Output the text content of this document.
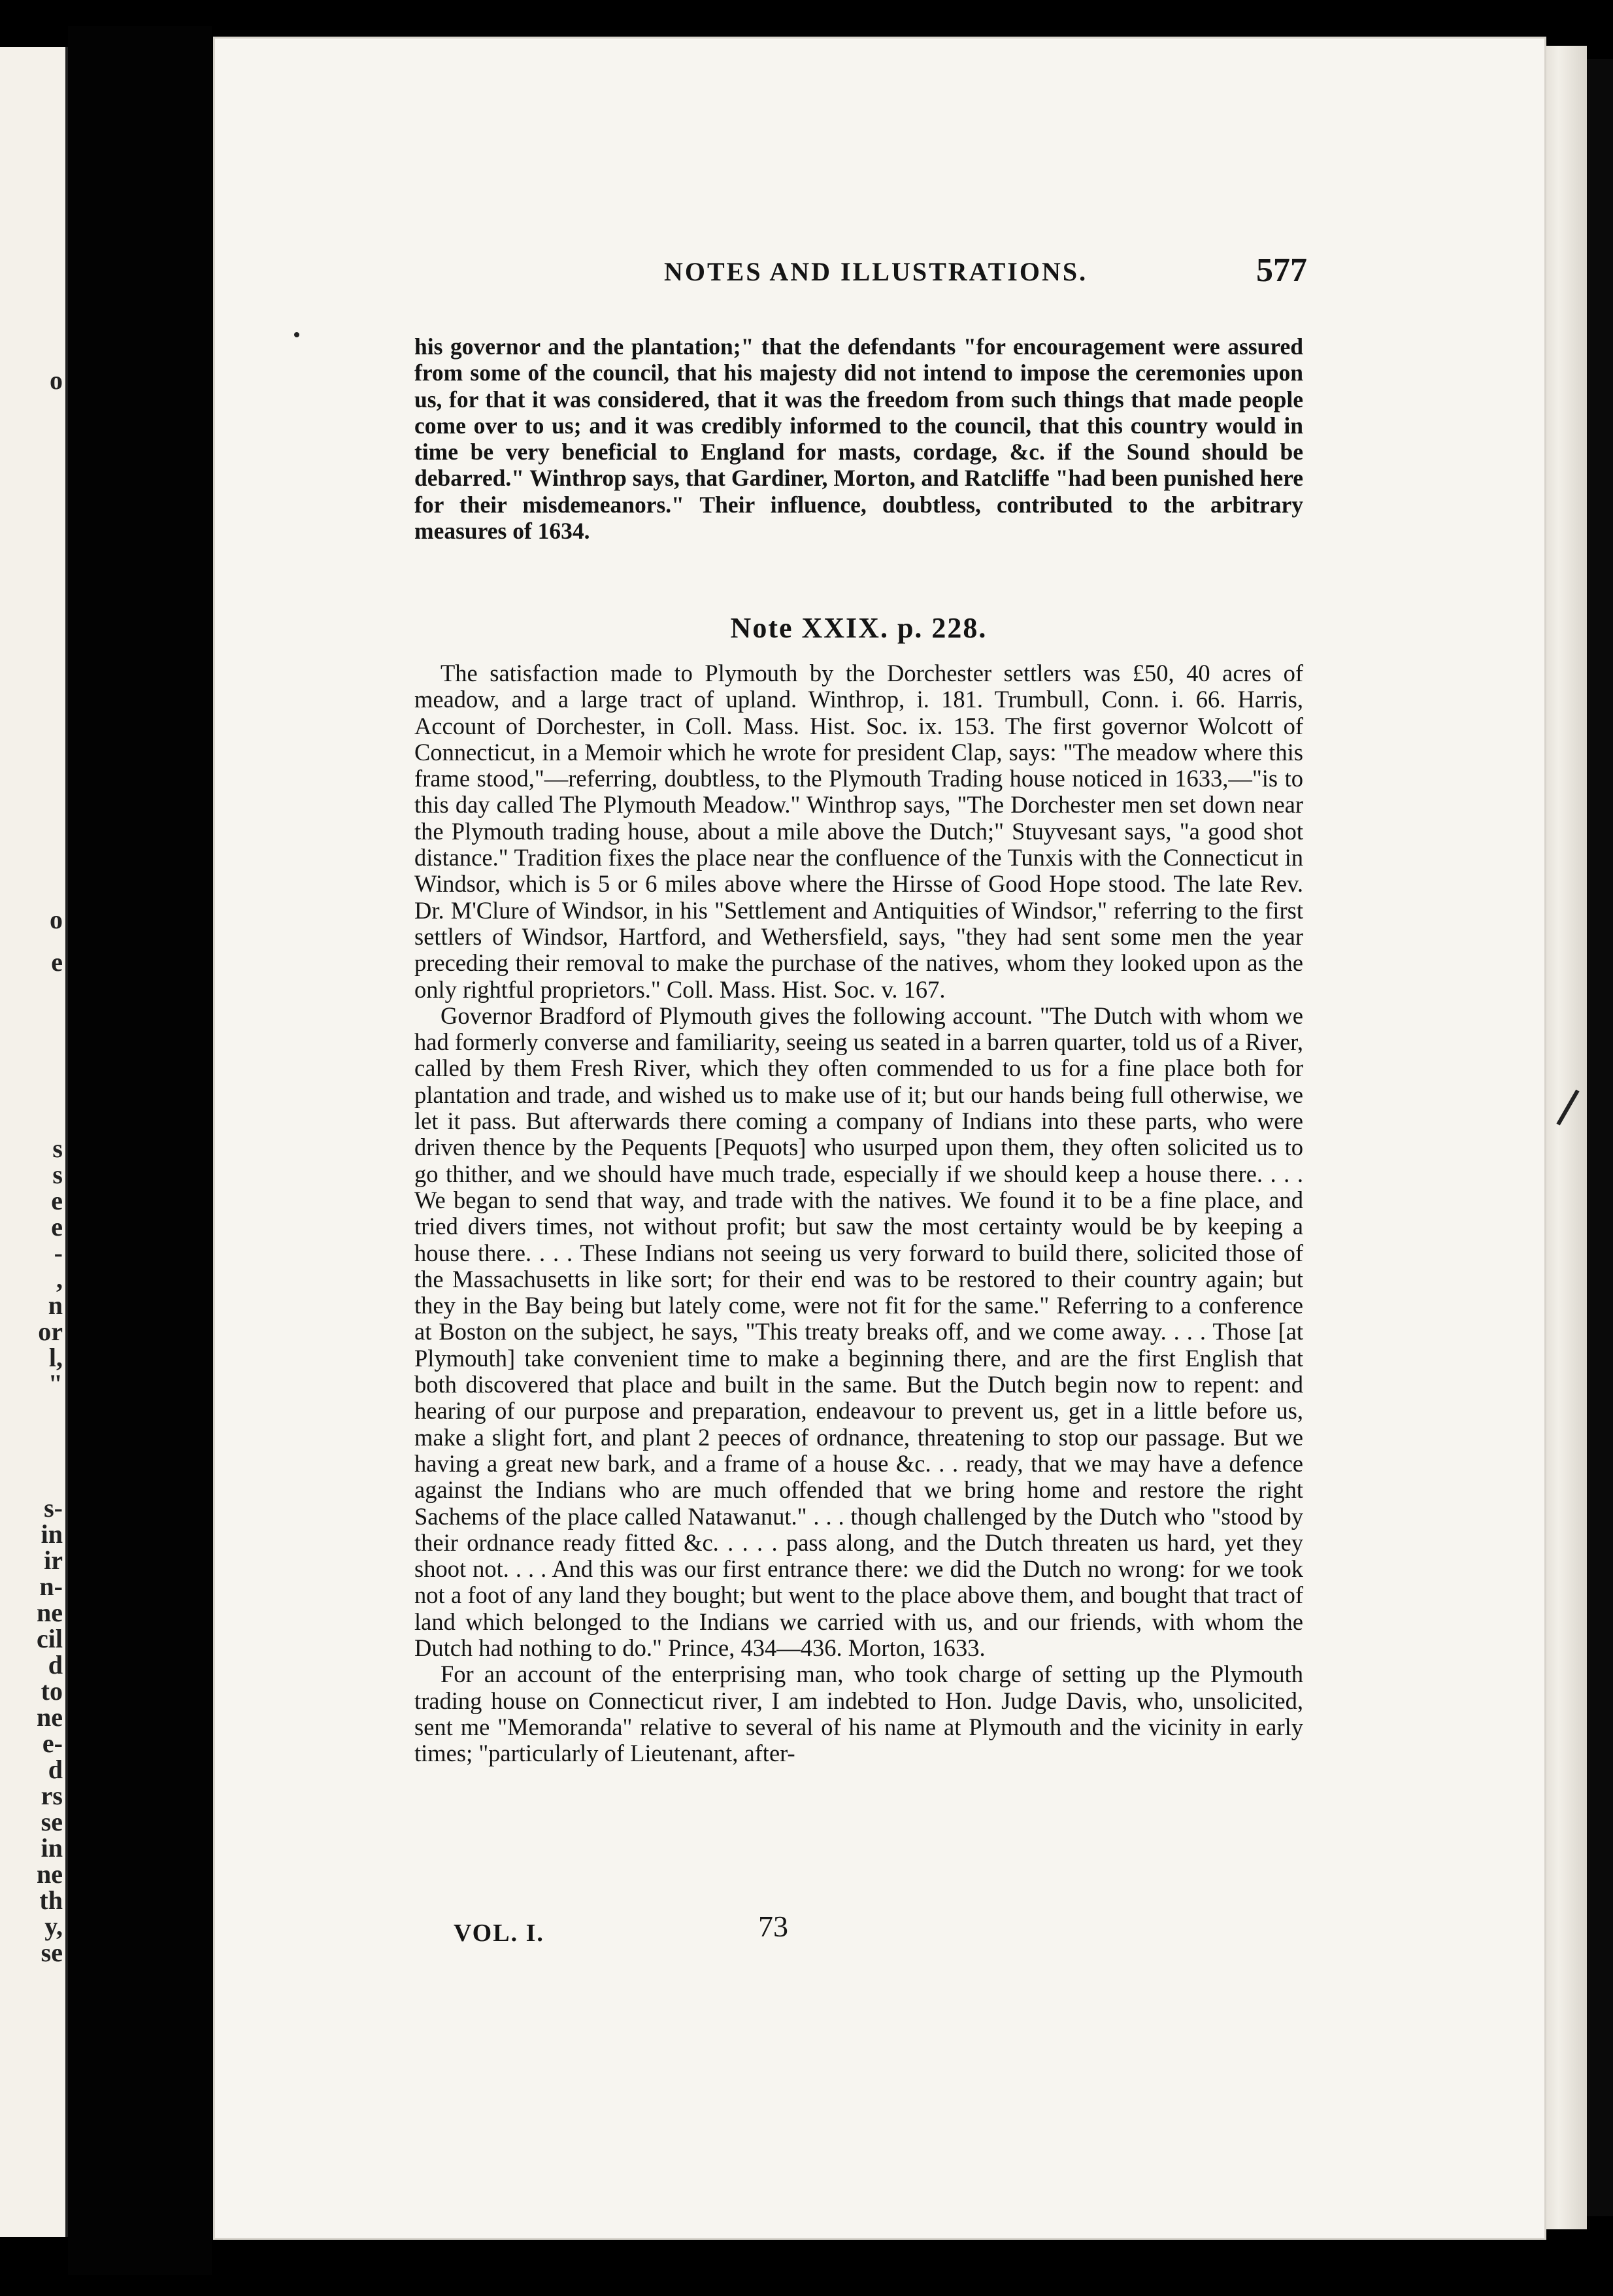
o
o
e
s
s
e
e
-
,
n
or
l,
"
s-
in
ir
n-
ne
cil
d
to
ne
e-
d
rs
se
in
ne
th
y,
se
NOTES AND ILLUSTRATIONS.	577

his governor and the plantation;" that the defendants "for encouragement were assured from some of the council, that his majesty did not intend to impose the ceremonies upon us, for that it was considered, that it was the freedom from such things that made people come over to us; and it was credibly informed to the council, that this country would in time be very beneficial to England for masts, cordage, &c. if the Sound should be debarred." Winthrop says, that Gardiner, Morton, and Ratcliffe "had been punished here for their misdemeanors." Their influence, doubtless, contributed to the arbitrary measures of 1634.

Note XXIX. p. 228.

The satisfaction made to Plymouth by the Dorchester settlers was £50, 40 acres of meadow, and a large tract of upland. Winthrop, i. 181. Trumbull, Conn. i. 66. Harris, Account of Dorchester, in Coll. Mass. Hist. Soc. ix. 153. The first governor Wolcott of Connecticut, in a Memoir which he wrote for president Clap, says: "The meadow where this frame stood,"—referring, doubtless, to the Plymouth Trading house noticed in 1633,—"is to this day called The Plymouth Meadow." Winthrop says, "The Dorchester men set down near the Plymouth trading house, about a mile above the Dutch;" Stuyvesant says, "a good shot distance." Tradition fixes the place near the confluence of the Tunxis with the Connecticut in Windsor, which is 5 or 6 miles above where the Hirsse of Good Hope stood. The late Rev. Dr. M'Clure of Windsor, in his "Settlement and Antiquities of Windsor," referring to the first settlers of Windsor, Hartford, and Wethersfield, says, "they had sent some men the year preceding their removal to make the purchase of the natives, whom they looked upon as the only rightful proprietors." Coll. Mass. Hist. Soc. v. 167.

Governor Bradford of Plymouth gives the following account. "The Dutch with whom we had formerly converse and familiarity, seeing us seated in a barren quarter, told us of a River, called by them Fresh River, which they often commended to us for a fine place both for plantation and trade, and wished us to make use of it; but our hands being full otherwise, we let it pass. But afterwards there coming a company of Indians into these parts, who were driven thence by the Pequents [Pequots] who usurped upon them, they often solicited us to go thither, and we should have much trade, especially if we should keep a house there. . . . We began to send that way, and trade with the natives. We found it to be a fine place, and tried divers times, not without profit; but saw the most certainty would be by keeping a house there. . . . These Indians not seeing us very forward to build there, solicited those of the Massachusetts in like sort; for their end was to be restored to their country again; but they in the Bay being but lately come, were not fit for the same." Referring to a conference at Boston on the subject, he says, "This treaty breaks off, and we come away. . . . Those [at Plymouth] take convenient time to make a beginning there, and are the first English that both discovered that place and built in the same. But the Dutch begin now to repent: and hearing of our purpose and preparation, endeavour to prevent us, get in a little before us, make a slight fort, and plant 2 peeces of ordnance, threatening to stop our passage. But we having a great new bark, and a frame of a house &c. . . ready, that we may have a defence against the Indians who are much offended that we bring home and restore the right Sachems of the place called Natawanut." . . . though challenged by the Dutch who "stood by their ordnance ready fitted &c. . . . . pass along, and the Dutch threaten us hard, yet they shoot not. . . . And this was our first entrance there: we did the Dutch no wrong: for we took not a foot of any land they bought; but went to the place above them, and bought that tract of land which belonged to the Indians we carried with us, and our friends, with whom the Dutch had nothing to do." Prince, 434—436. Morton, 1633.

For an account of the enterprising man, who took charge of setting up the Plymouth trading house on Connecticut river, I am indebted to Hon. Judge Davis, who, unsolicited, sent me "Memoranda" relative to several of his name at Plymouth and the vicinity in early times; "particularly of Lieutenant, after-

VOL. I.	73
